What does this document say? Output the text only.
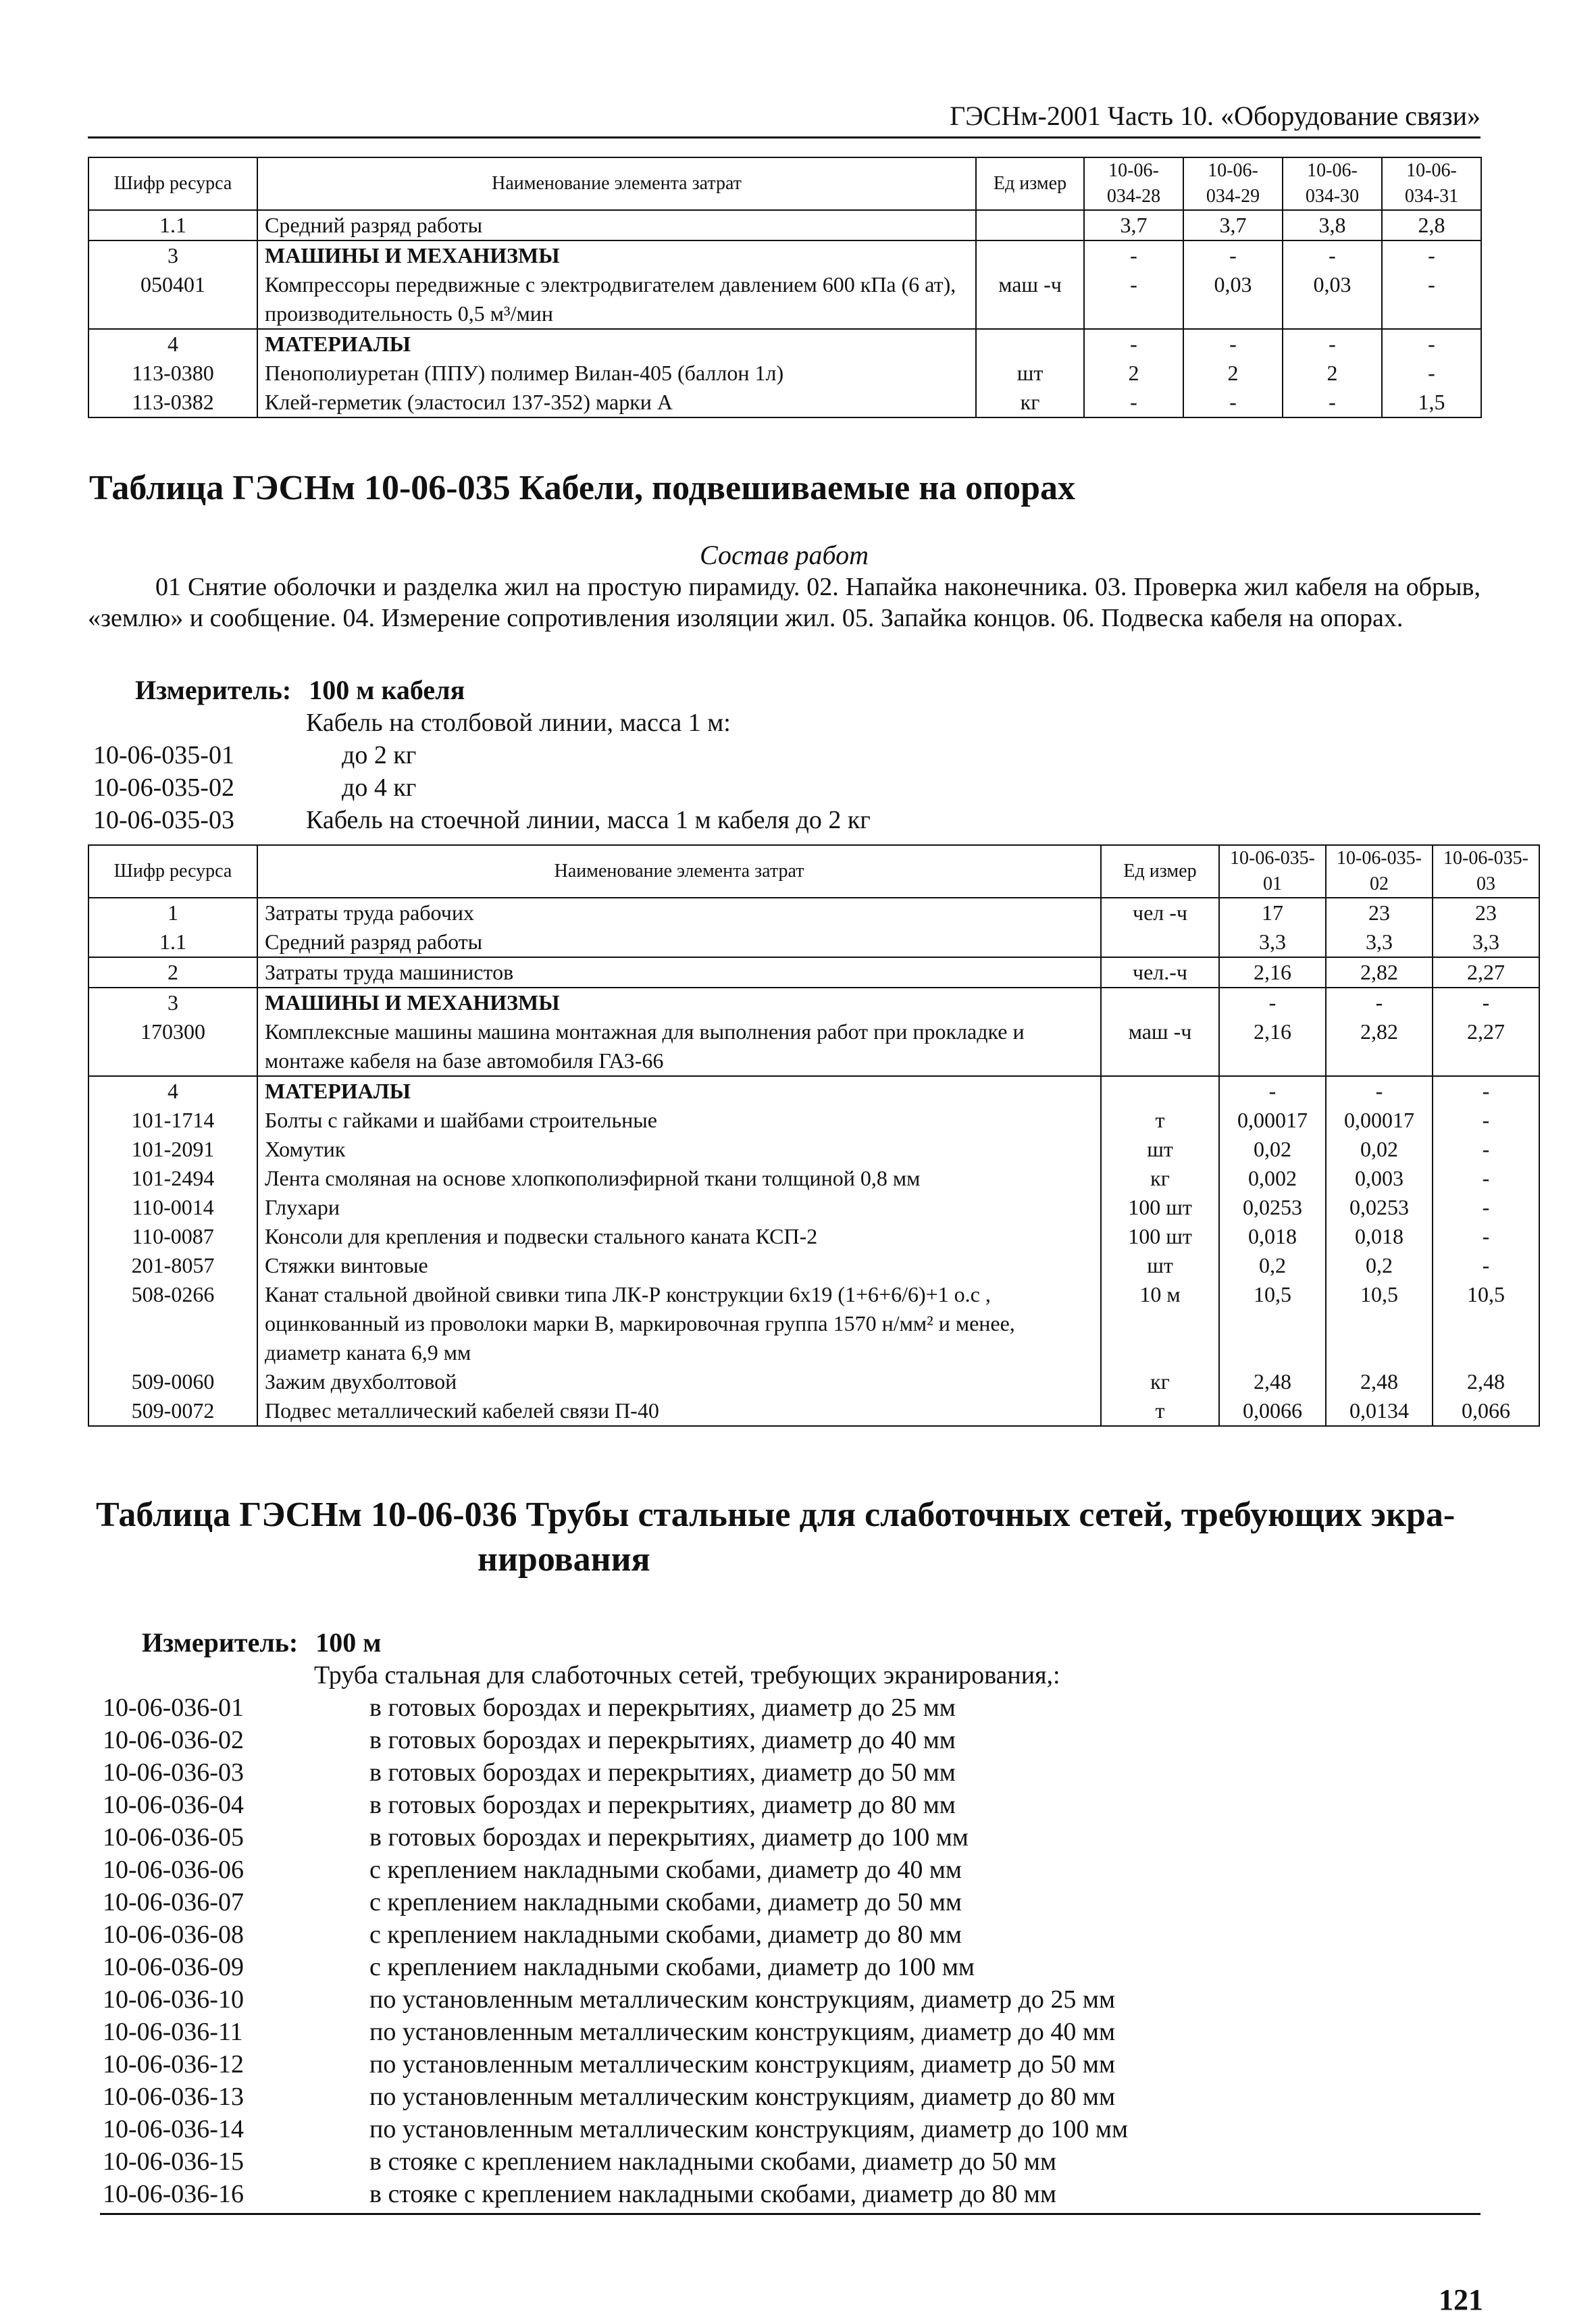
ГЭСНм-2001 Часть 10. «Оборудование связи»
Шифр ресурса	Наименование элемента затрат	Ед измер	10-06-034-28	10-06-034-29	10-06-034-30	10-06-034-31
1.1	Средний разряд работы		3,7	3,7	3,8	2,8
3	МАШИНЫ И МЕХАНИЗМЫ		-	-	-	-
050401	Компрессоры передвижные с электродвигателем давлением 600 кПа (6 ат), производительность 0,5 м³/мин	маш -ч	-	0,03	0,03	-
4	МАТЕРИАЛЫ		-	-	-	-
113-0380	Пенополиуретан (ППУ) полимер Вилан-405 (баллон 1л)	шт	2	2	2	-
113-0382	Клей-герметик (эластосил 137-352) марки А	кг	-	-	-	1,5
Таблица ГЭСНм 10-06-035 Кабели, подвешиваемые на опорах
Состав работ
01 Снятие оболочки и разделка жил на простую пирамиду. 02. Напайка наконечника. 03. Проверка жил кабеля на обрыв, «землю» и сообщение. 04. Измерение сопротивления изоляции жил. 05. Запайка концов. 06. Подвеска кабеля на опорах.
Измеритель: 100 м кабеля
Кабель на столбовой линии, масса 1 м:
10-06-035-01	до 2 кг
10-06-035-02	до 4 кг
10-06-035-03	Кабель на стоечной линии, масса 1 м кабеля до 2 кг
Шифр ресурса	Наименование элемента затрат	Ед измер	10-06-035-01	10-06-035-02	10-06-035-03
1	Затраты труда рабочих	чел -ч	17	23	23
1.1	Средний разряд работы		3,3	3,3	3,3
2	Затраты труда машинистов	чел.-ч	2,16	2,82	2,27
3	МАШИНЫ И МЕХАНИЗМЫ		-	-	-
170300	Комплексные машины машина монтажная для выполнения работ при прокладке и монтаже кабеля на базе автомобиля ГАЗ-66	маш -ч	2,16	2,82	2,27
4	МАТЕРИАЛЫ		-	-	-
101-1714	Болты с гайками и шайбами строительные	т	0,00017	0,00017	-
101-2091	Хомутик	шт	0,02	0,02	-
101-2494	Лента смоляная на основе хлопкополиэфирной ткани толщиной 0,8 мм	кг	0,002	0,003	-
110-0014	Глухари	100 шт	0,0253	0,0253	-
110-0087	Консоли для крепления и подвески стального каната КСП-2	100 шт	0,018	0,018	-
201-8057	Стяжки винтовые	шт	0,2	0,2	-
508-0266	Канат стальной двойной свивки типа ЛК-Р конструкции 6х19 (1+6+6/6)+1 о.с , оцинкованный из проволоки марки В, маркировочная группа 1570 н/мм² и менее, диаметр каната 6,9 мм	10 м	10,5	10,5	10,5
509-0060	Зажим двухболтовой	кг	2,48	2,48	2,48
509-0072	Подвес металлический кабелей связи П-40	т	0,0066	0,0134	0,066
Таблица ГЭСНм 10-06-036 Трубы стальные для слаботочных сетей, требующих экра-
нирования
Измеритель: 100 м
Труба стальная для слаботочных сетей, требующих экранирования,:
10-06-036-01	в готовых бороздах и перекрытиях, диаметр до 25 мм
10-06-036-02	в готовых бороздах и перекрытиях, диаметр до 40 мм
10-06-036-03	в готовых бороздах и перекрытиях, диаметр до 50 мм
10-06-036-04	в готовых бороздах и перекрытиях, диаметр до 80 мм
10-06-036-05	в готовых бороздах и перекрытиях, диаметр до 100 мм
10-06-036-06	с креплением накладными скобами, диаметр до 40 мм
10-06-036-07	с креплением накладными скобами, диаметр до 50 мм
10-06-036-08	с креплением накладными скобами, диаметр до 80 мм
10-06-036-09	с креплением накладными скобами, диаметр до 100 мм
10-06-036-10	по установленным металлическим конструкциям, диаметр до 25 мм
10-06-036-11	по установленным металлическим конструкциям, диаметр до 40 мм
10-06-036-12	по установленным металлическим конструкциям, диаметр до 50 мм
10-06-036-13	по установленным металлическим конструкциям, диаметр до 80 мм
10-06-036-14	по установленным металлическим конструкциям, диаметр до 100 мм
10-06-036-15	в стояке с креплением накладными скобами, диаметр до 50 мм
10-06-036-16	в стояке с креплением накладными скобами, диаметр до 80 мм
121
